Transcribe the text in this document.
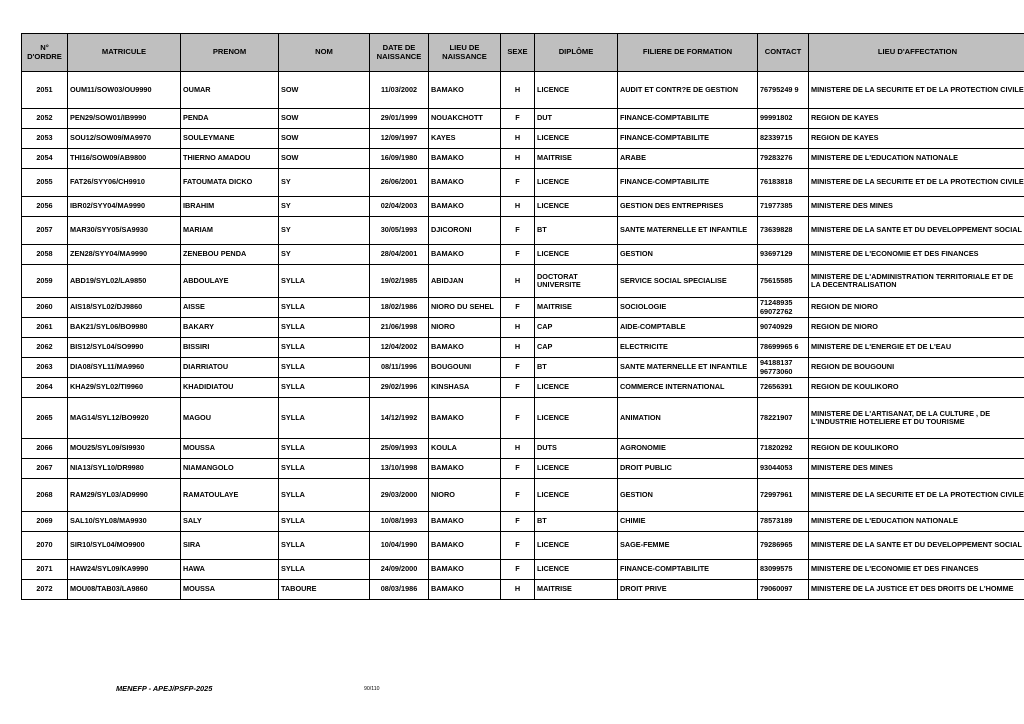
N° D'ORDRE	MATRICULE	PRENOM	NOM	DATE DE NAISSANCE	LIEU DE NAISSANCE	SEXE	DIPLÔME	FILIERE DE FORMATION	CONTACT	LIEU D'AFFECTATION
2051	OUM11/SOW03/OU9990	OUMAR	SOW	11/03/2002	BAMAKO	H	LICENCE	AUDIT ET CONTR?E DE GESTION	76795249 9	MINISTERE DE LA SECURITE ET DE LA PROTECTION CIVILE
2052	PEN29/SOW01/IB9990	PENDA	SOW	29/01/1999	NOUAKCHOTT	F	DUT	FINANCE-COMPTABILITE	99991802	REGION DE KAYES
2053	SOU12/SOW09/MA9970	SOULEYMANE	SOW	12/09/1997	KAYES	H	LICENCE	FINANCE-COMPTABILITE	82339715	REGION DE KAYES
2054	THI16/SOW09/AB9800	THIERNO AMADOU	SOW	16/09/1980	BAMAKO	H	MAITRISE	ARABE	79283276	MINISTERE DE L'EDUCATION NATIONALE
2055	FAT26/SYY06/CH9910	FATOUMATA DICKO	SY	26/06/2001	BAMAKO	F	LICENCE	FINANCE-COMPTABILITE	76183818	MINISTERE DE LA SECURITE ET DE LA PROTECTION CIVILE
2056	IBR02/SYY04/MA9990	IBRAHIM	SY	02/04/2003	BAMAKO	H	LICENCE	GESTION DES ENTREPRISES	71977385	MINISTERE DES MINES
2057	MAR30/SYY05/SA9930	MARIAM	SY	30/05/1993	DJICORONI	F	BT	SANTE MATERNELLE ET INFANTILE	73639828	MINISTERE DE LA SANTE ET DU DEVELOPPEMENT SOCIAL
2058	ZEN28/SYY04/MA9990	ZENEBOU PENDA	SY	28/04/2001	BAMAKO	F	LICENCE	GESTION	93697129	MINISTERE DE L'ECONOMIE ET DES FINANCES
2059	ABD19/SYL02/LA9850	ABDOULAYE	SYLLA	19/02/1985	ABIDJAN	H	DOCTORAT UNIVERSITE	SERVICE SOCIAL SPECIALISE	75615585	MINISTERE DE L'ADMINISTRATION TERRITORIALE ET DE LA DECENTRALISATION
2060	AIS18/SYL02/DJ9860	AISSE	SYLLA	18/02/1986	NIORO DU SEHEL	F	MAITRISE	SOCIOLOGIE	71248935 69072762	REGION DE NIORO
2061	BAK21/SYL06/BO9980	BAKARY	SYLLA	21/06/1998	NIORO	H	CAP	AIDE-COMPTABLE	90740929	REGION DE NIORO
2062	BIS12/SYL04/SO9990	BISSIRI	SYLLA	12/04/2002	BAMAKO	H	CAP	ELECTRICITE	78699965 6	MINISTERE DE L'ENERGIE ET DE L'EAU
2063	DIA08/SYL11/MA9960	DIARRIATOU	SYLLA	08/11/1996	BOUGOUNI	F	BT	SANTE MATERNELLE ET INFANTILE	94188137 96773060	REGION DE BOUGOUNI
2064	KHA29/SYL02/TI9960	KHADIDIATOU	SYLLA	29/02/1996	KINSHASA	F	LICENCE	COMMERCE INTERNATIONAL	72656391	REGION DE KOULIKORO
2065	MAG14/SYL12/BO9920	MAGOU	SYLLA	14/12/1992	BAMAKO	F	LICENCE	ANIMATION	78221907	MINISTERE DE L'ARTISANAT, DE LA CULTURE , DE L'INDUSTRIE HOTELIERE ET DU TOURISME
2066	MOU25/SYL09/SI9930	MOUSSA	SYLLA	25/09/1993	KOULA	H	DUTS	AGRONOMIE	71820292	REGION DE KOULIKORO
2067	NIA13/SYL10/DR9980	NIAMANGOLO	SYLLA	13/10/1998	BAMAKO	F	LICENCE	DROIT PUBLIC	93044053	MINISTERE DES MINES
2068	RAM29/SYL03/AD9990	RAMATOULAYE	SYLLA	29/03/2000	NIORO	F	LICENCE	GESTION	72997961	MINISTERE DE LA SECURITE ET DE LA PROTECTION CIVILE
2069	SAL10/SYL08/MA9930	SALY	SYLLA	10/08/1993	BAMAKO	F	BT	CHIMIE	78573189	MINISTERE DE L'EDUCATION NATIONALE
2070	SIR10/SYL04/MO9900	SIRA	SYLLA	10/04/1990	BAMAKO	F	LICENCE	SAGE-FEMME	79286965	MINISTERE DE LA SANTE ET DU DEVELOPPEMENT SOCIAL
2071	HAW24/SYL09/KA9990	HAWA	SYLLA	24/09/2000	BAMAKO	F	LICENCE	FINANCE-COMPTABILITE	83099575	MINISTERE DE L'ECONOMIE ET DES FINANCES
2072	MOU08/TAB03/LA9860	MOUSSA	TABOURE	08/03/1986	BAMAKO	H	MAITRISE	DROIT PRIVE	79060097	MINISTERE DE LA JUSTICE ET DES DROITS DE L'HOMME
MENEFP - APEJ/PSFP-2025	90/110
